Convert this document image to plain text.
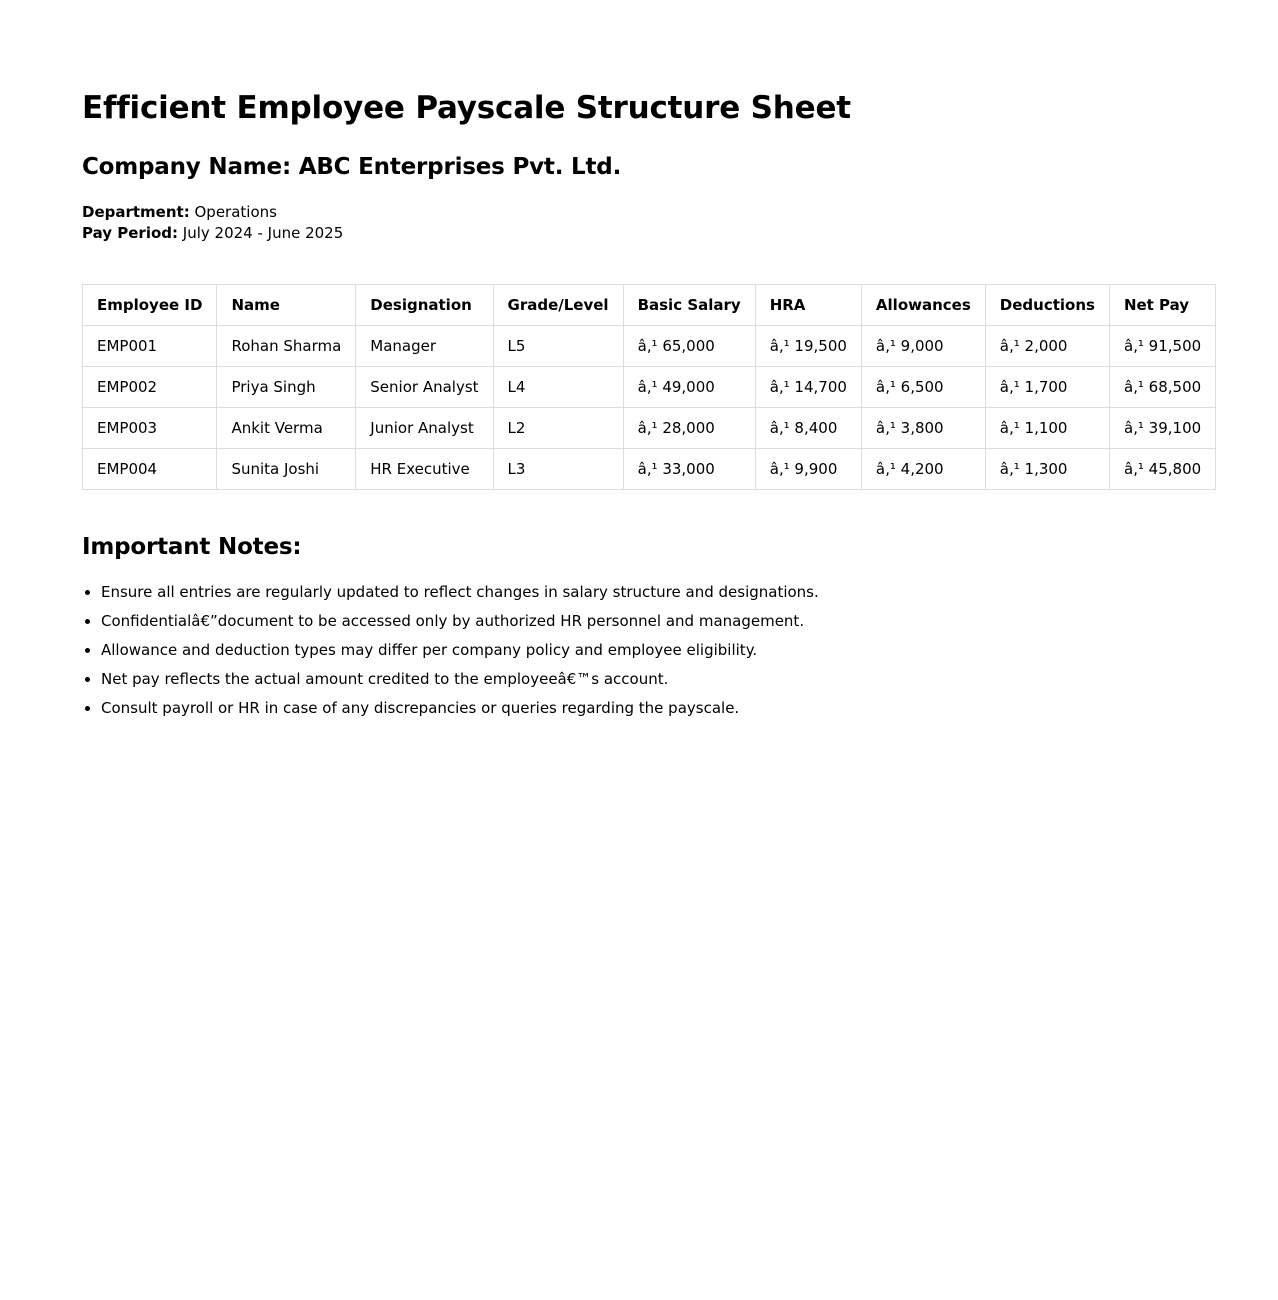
Efficient Employee Payscale Structure Sheet
Company Name: ABC Enterprises Pvt. Ltd.
Department: Operations
Pay Period: July 2024 - June 2025
Employee ID	Name	Designation	Grade/Level	Basic Salary	HRA	Allowances	Deductions	Net Pay
EMP001	Rohan Sharma	Manager	L5	â‚¹ 65,000	â‚¹ 19,500	â‚¹ 9,000	â‚¹ 2,000	â‚¹ 91,500
EMP002	Priya Singh	Senior Analyst	L4	â‚¹ 49,000	â‚¹ 14,700	â‚¹ 6,500	â‚¹ 1,700	â‚¹ 68,500
EMP003	Ankit Verma	Junior Analyst	L2	â‚¹ 28,000	â‚¹ 8,400	â‚¹ 3,800	â‚¹ 1,100	â‚¹ 39,100
EMP004	Sunita Joshi	HR Executive	L3	â‚¹ 33,000	â‚¹ 9,900	â‚¹ 4,200	â‚¹ 1,300	â‚¹ 45,800
Important Notes:
• Ensure all entries are regularly updated to reflect changes in salary structure and designations.
• Confidentialâ€”document to be accessed only by authorized HR personnel and management.
• Allowance and deduction types may differ per company policy and employee eligibility.
• Net pay reflects the actual amount credited to the employeeâ€™s account.
• Consult payroll or HR in case of any discrepancies or queries regarding the payscale.
